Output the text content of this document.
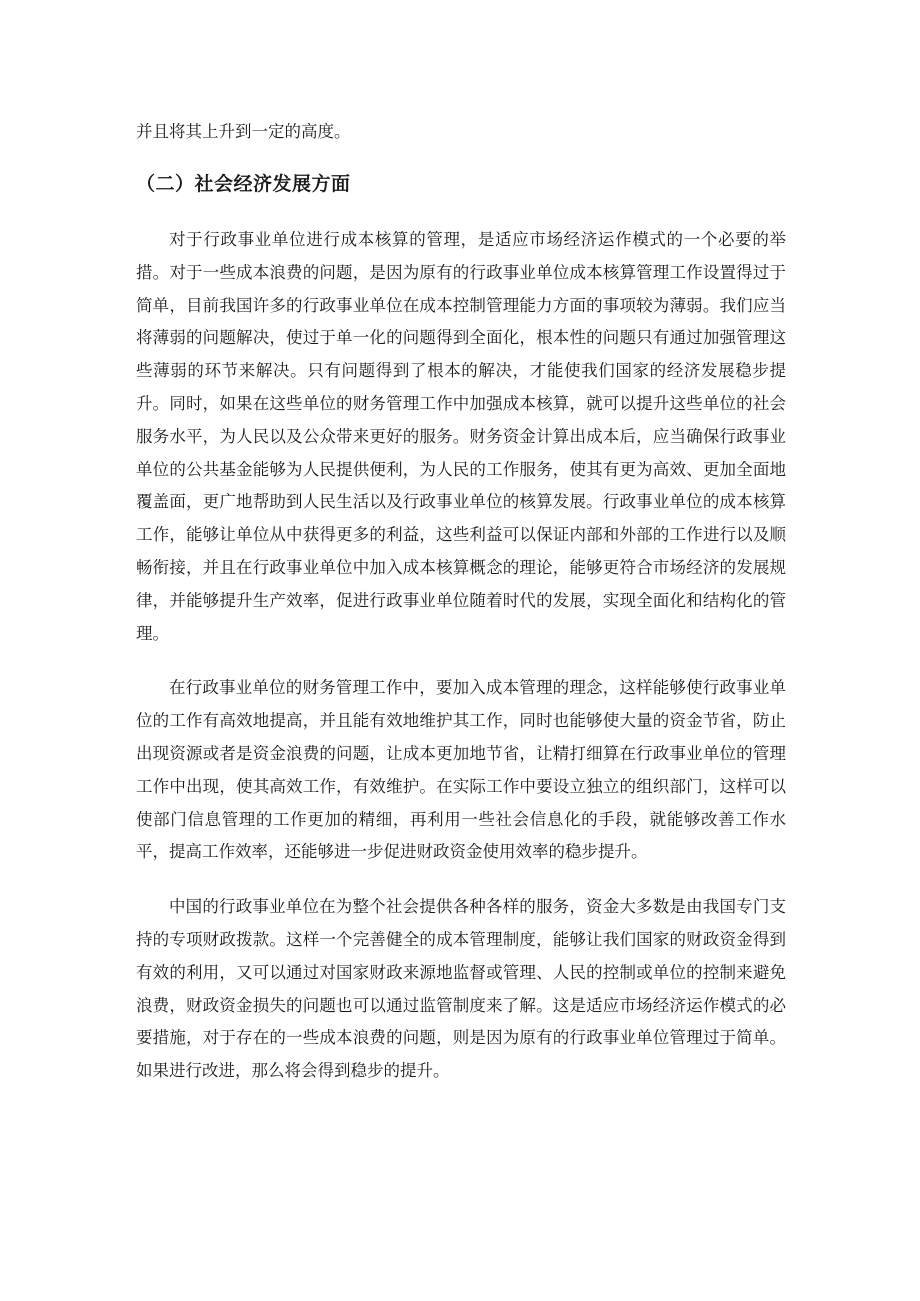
并且将其上升到一定的高度。

（二）社会经济发展方面

对于行政事业单位进行成本核算的管理，是适应市场经济运作模式的一个必要的举措。对于一些成本浪费的问题，是因为原有的行政事业单位成本核算管理工作设置得过于简单，目前我国许多的行政事业单位在成本控制管理能力方面的事项较为薄弱。我们应当将薄弱的问题解决，使过于单一化的问题得到全面化，根本性的问题只有通过加强管理这些薄弱的环节来解决。只有问题得到了根本的解决，才能使我们国家的经济发展稳步提升。同时，如果在这些单位的财务管理工作中加强成本核算，就可以提升这些单位的社会服务水平，为人民以及公众带来更好的服务。财务资金计算出成本后，应当确保行政事业单位的公共基金能够为人民提供便利，为人民的工作服务，使其有更为高效、更加全面地覆盖面，更广地帮助到人民生活以及行政事业单位的核算发展。行政事业单位的成本核算工作，能够让单位从中获得更多的利益，这些利益可以保证内部和外部的工作进行以及顺畅衔接，并且在行政事业单位中加入成本核算概念的理论，能够更符合市场经济的发展规律，并能够提升生产效率，促进行政事业单位随着时代的发展，实现全面化和结构化的管理。

在行政事业单位的财务管理工作中，要加入成本管理的理念，这样能够使行政事业单位的工作有高效地提高，并且能有效地维护其工作，同时也能够使大量的资金节省，防止出现资源或者是资金浪费的问题，让成本更加地节省，让精打细算在行政事业单位的管理工作中出现，使其高效工作，有效维护。在实际工作中要设立独立的组织部门，这样可以使部门信息管理的工作更加的精细，再利用一些社会信息化的手段，就能够改善工作水平，提高工作效率，还能够进一步促进财政资金使用效率的稳步提升。

中国的行政事业单位在为整个社会提供各种各样的服务，资金大多数是由我国专门支持的专项财政拨款。这样一个完善健全的成本管理制度，能够让我们国家的财政资金得到有效的利用，又可以通过对国家财政来源地监督或管理、人民的控制或单位的控制来避免浪费，财政资金损失的问题也可以通过监管制度来了解。这是适应市场经济运作模式的必要措施，对于存在的一些成本浪费的问题，则是因为原有的行政事业单位管理过于简单。如果进行改进，那么将会得到稳步的提升。
